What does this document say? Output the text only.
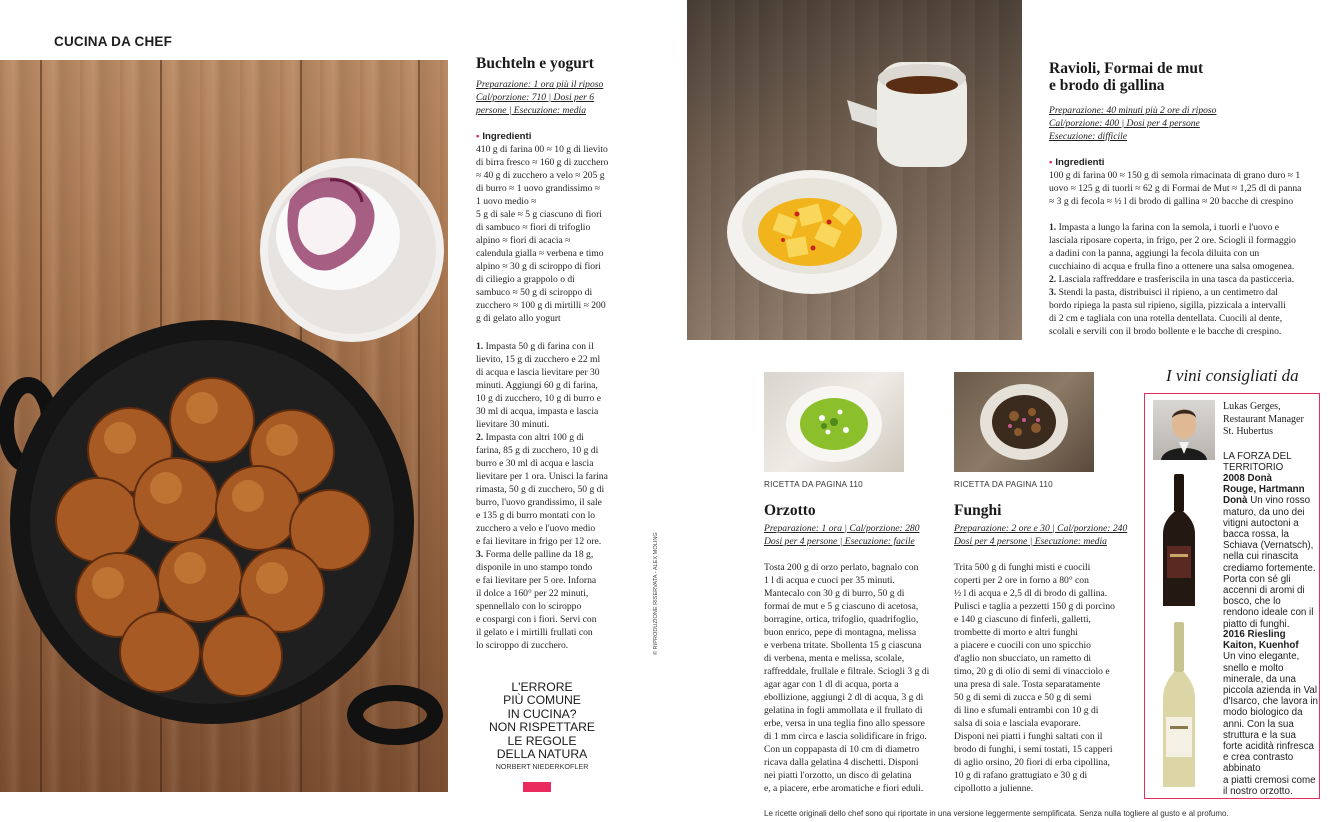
CUCINA DA CHEF
Buchteln e yogurt
Preparazione: 1 ora più il riposo
Cal/porzione: 710 | Dosi per 6
persone | Esecuzione: media
• Ingredienti
410 g di farina 00 ≈ 10 g di lievito
di birra fresco ≈ 160 g di zucchero
≈ 40 g di zucchero a velo ≈ 205 g
di burro ≈ 1 uovo grandissimo ≈
1 uovo medio ≈
5 g di sale ≈ 5 g ciascuno di fiori
di sambuco ≈ fiori di trifoglio
alpino ≈ fiori di acacia ≈
calendula gialla ≈ verbena e timo
alpino ≈ 30 g di sciroppo di fiori
di ciliegio a grappolo o di
sambuco ≈ 50 g di sciroppo di
zucchero ≈ 100 g di mirtilli ≈ 200
g di gelato allo yogurt
1. Impasta 50 g di farina con il
lievito, 15 g di zucchero e 22 ml
di acqua e lascia lievitare per 30
minuti. Aggiungi 60 g di farina,
10 g di zucchero, 10 g di burro e
30 ml di acqua, impasta e lascia
lievitare 30 minuti.
2. Impasta con altri 100 g di
farina, 85 g di zucchero, 10 g di
burro e 30 ml di acqua e lascia
lievitare per 1 ora. Unisci la farina
rimasta, 50 g di zucchero, 50 g di
burro, l'uovo grandissimo, il sale
e 135 g di burro montati con lo
zucchero a velo e l'uovo medio
e fai lievitare in frigo per 12 ore.
3. Forma delle palline da 18 g,
disponile in uno stampo tondo
e fai lievitare per 5 ore. Inforna
il dolce a 160° per 22 minuti,
spennellalo con lo sciroppo
e cospargi con i fiori. Servi con
il gelato e i mirtilli frullati con
lo sciroppo di zucchero.
L'ERRORE
PIÙ COMUNE
IN CUCINA?
NON RISPETTARE
LE REGOLE
DELLA NATURA
NORBERT NIEDERKOFLER
© RIPRODUZIONE RISERVATA - ALEX MOLING
Ravioli, Formai de mut
e brodo di gallina
Preparazione: 40 minuti più 2 ore di riposo
Cal/porzione: 400 | Dosi per 4 persone
Esecuzione: difficile
• Ingredienti
100 g di farina 00 ≈ 150 g di semola rimacinata di grano duro ≈ 1
uovo ≈ 125 g di tuorli ≈ 62 g di Formai de Mut ≈ 1,25 dl di panna
≈ 3 g di fecola ≈ ½ l di brodo di gallina ≈ 20 bacche di crespino
1. Impasta a lungo la farina con la semola, i tuorli e l'uovo e
lasciala riposare coperta, in frigo, per 2 ore. Sciogli il formaggio
a dadini con la panna, aggiungi la fecola diluita con un
cucchiaino di acqua e frulla fino a ottenere una salsa omogenea.
2. Lasciala raffreddare e trasferiscila in una tasca da pasticceria.
3. Stendi la pasta, distribuisci il ripieno, a un centimetro dal
bordo ripiega la pasta sul ripieno, sigilla, pizzicala a intervalli
di 2 cm e tagliala con una rotella dentellata. Cuocili al dente,
scolali e servili con il brodo bollente e le bacche di crespino.
RICETTA DA PAGINA 110
Orzotto
Preparazione: 1 ora | Cal/porzione: 280
Dosi per 4 persone | Esecuzione: facile
Tosta 200 g di orzo perlato, bagnalo con
1 l di acqua e cuoci per 35 minuti.
Mantecalo con 30 g di burro, 50 g di
formai de mut e 5 g ciascuno di acetosa,
borragine, ortica, trifoglio, quadrifoglio,
buon enrico, pepe di montagna, melissa
e verbena tritate. Sbollenta 15 g ciascuna
di verbena, menta e melissa, scolale,
raffreddale, frullale e filtrale. Sciogli 3 g di
agar agar con 1 dl di acqua, porta a
ebollizione, aggiungi 2 dl di acqua, 3 g di
gelatina in fogli ammollata e il frullato di
erbe, versa in una teglia fino allo spessore
di 1 mm circa e lascia solidificare in frigo.
Con un coppapasta di 10 cm di diametro
ricava dalla gelatina 4 dischetti. Disponi
nei piatti l'orzotto, un disco di gelatina
e, a piacere, erbe aromatiche e fiori eduli.
RICETTA DA PAGINA 110
Funghi
Preparazione: 2 ore e 30 | Cal/porzione: 240
Dosi per 4 persone | Esecuzione: media
Trita 500 g di funghi misti e cuocili
coperti per 2 ore in forno a 80° con
½ l di acqua e 2,5 dl di brodo di gallina.
Pulisci e taglia a pezzetti 150 g di porcino
e 140 g ciascuno di finferli, galletti,
trombette di morto e altri funghi
a piacere e cuocili con uno spicchio
d'aglio non sbucciato, un rametto di
timo, 20 g di olio di semi di vinacciolo e
una presa di sale. Tosta separatamente
50 g di semi di zucca e 50 g di semi
di lino e sfumali entrambi con 10 g di
salsa di soia e lasciala evaporare.
Disponi nei piatti i funghi saltati con il
brodo di funghi, i semi tostati, 15 capperi
di aglio orsino, 20 fiori di erba cipollina,
10 g di rafano grattugiato e 30 g di
cipollotto a julienne.
I vini consigliati da
Lukas Gerges,
Restaurant Manager
St. Hubertus
LA FORZA DEL
TERRITORIO
2008 Donà
Rouge, Hartmann
Donà Un vino rosso
maturo, da uno dei
vitigni autoctoni a
bacca rossa, la
Schiava (Vernatsch),
nella cui rinascita
crediamo fortemente.
Porta con sé gli
accenni di aromi di
bosco, che lo
rendono ideale con il
piatto di funghi.
2016 Riesling
Kaiton, Kuenhof
Un vino elegante,
snello e molto
minerale, da una
piccola azienda in Val
d'Isarco, che lavora in
modo biologico da
anni. Con la sua
struttura e la sua
forte acidità rinfresca
e crea contrasto
abbinato
a piatti cremosi come
il nostro orzotto.
Le ricette originali dello chef sono qui riportate in una versione leggermente semplificata. Senza nulla togliere al gusto e al profumo.
